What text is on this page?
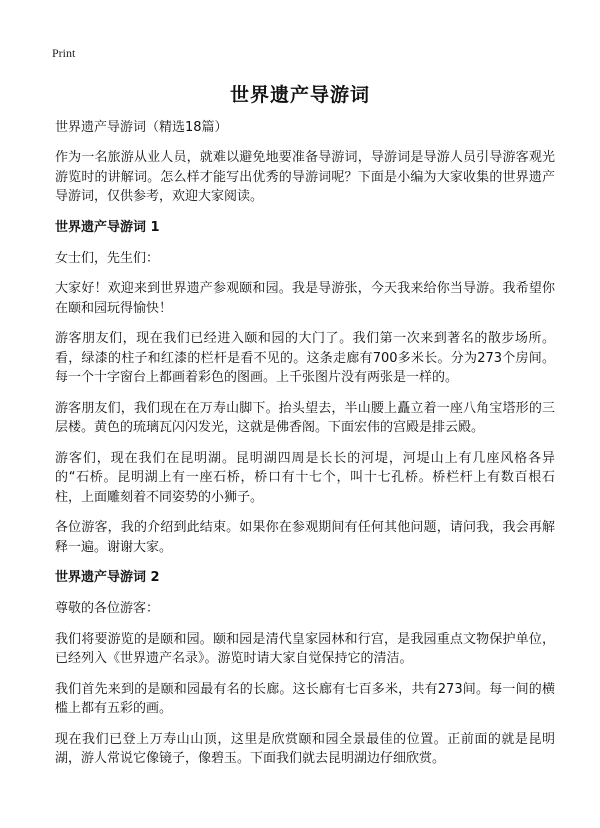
Print
世界遗产导游词
世界遗产导游词（精选18篇）
作为一名旅游从业人员，就难以避免地要准备导游词，导游词是导游人员引导游客观光游览时的讲解词。怎么样才能写出优秀的导游词呢？下面是小编为大家收集的世界遗产导游词，仅供参考，欢迎大家阅读。
世界遗产导游词 1
女士们，先生们：
大家好！欢迎来到世界遗产参观颐和园。我是导游张，今天我来给你当导游。我希望你在颐和园玩得愉快！
游客朋友们，现在我们已经进入颐和园的大门了。我们第一次来到著名的散步场所。看，绿漆的柱子和红漆的栏杆是看不见的。这条走廊有700多米长。分为273个房间。每一个十字窗台上都画着彩色的图画。上千张图片没有两张是一样的。
游客朋友们，我们现在在万寿山脚下。抬头望去，半山腰上矗立着一座八角宝塔形的三层楼。黄色的琉璃瓦闪闪发光，这就是佛香阁。下面宏伟的宫殿是排云殿。
游客们，现在我们在昆明湖。昆明湖四周是长长的河堤，河堤山上有几座风格各异的“石桥。昆明湖上有一座石桥，桥口有十七个，叫十七孔桥。桥栏杆上有数百根石柱，上面雕刻着不同姿势的小狮子。
各位游客，我的介绍到此结束。如果你在参观期间有任何其他问题，请问我，我会再解释一遍。谢谢大家。
世界遗产导游词 2
尊敬的各位游客：
我们将要游览的是颐和园。颐和园是清代皇家园林和行宫，是我园重点文物保护单位，已经列入《世界遗产名录》。游览时请大家自觉保持它的清洁。
我们首先来到的是颐和园最有名的长廊。这长廊有七百多米，共有273间。每一间的横槛上都有五彩的画。
现在我们已登上万寿山山顶，这里是欣赏颐和园全景最佳的位置。正前面的就是昆明湖，游人常说它像镜子，像碧玉。下面我们就去昆明湖边仔细欣赏。
